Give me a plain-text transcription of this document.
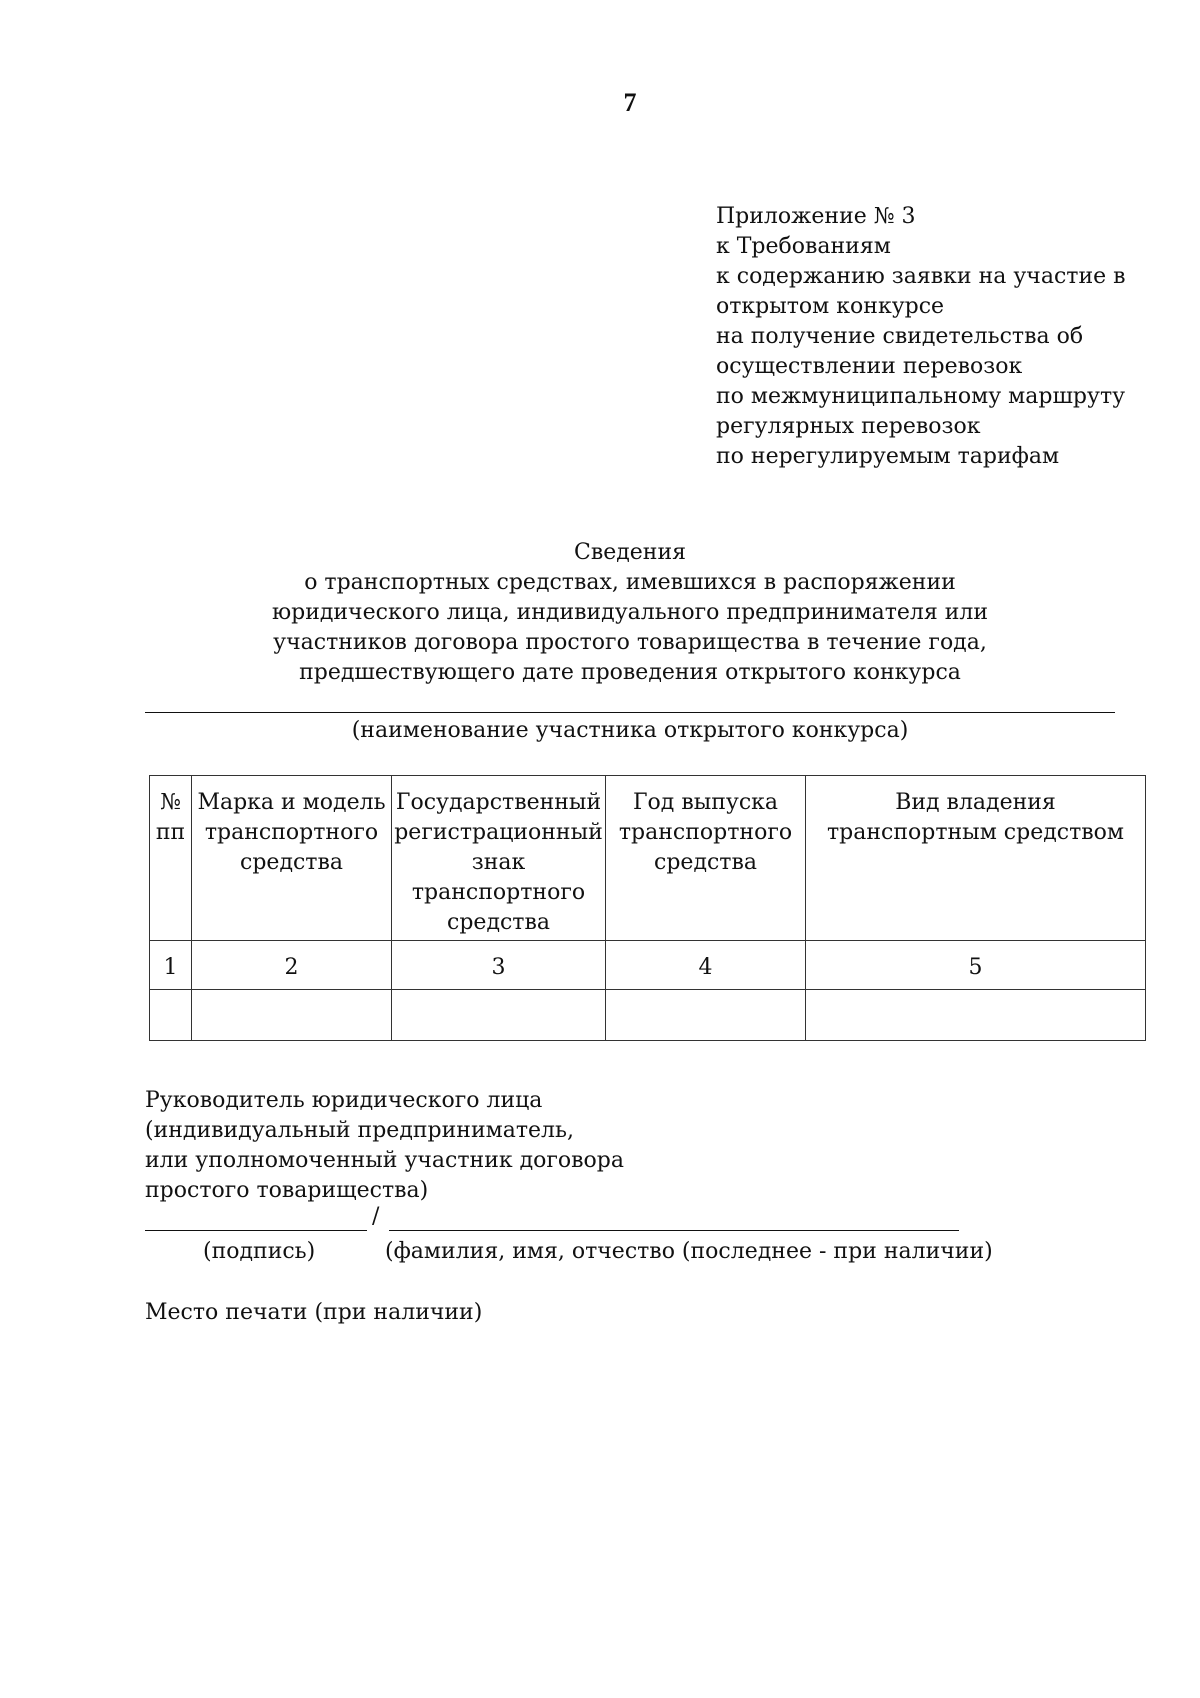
7
Приложение № 3
к Требованиям
к содержанию заявки на участие в
открытом конкурсе
на получение свидетельства об
осуществлении перевозок
по межмуниципальному маршруту
регулярных перевозок
по нерегулируемым тарифам
Сведения
о транспортных средствах, имевшихся в распоряжении
юридического лица, индивидуального предпринимателя или
участников договора простого товарищества в течение года,
предшествующего дате проведения открытого конкурса
(наименование участника открытого конкурса)
№ пп	Марка и модель транспортного средства	Государственный регистрационный знак транспортного средства	Год выпуска транспортного средства	Вид владения транспортным средством
1	2	3	4	5

Руководитель юридического лица
(индивидуальный предприниматель,
или уполномоченный участник договора
простого товарищества)
/
(подпись)	(фамилия, имя, отчество (последнее - при наличии)
Место печати (при наличии)
